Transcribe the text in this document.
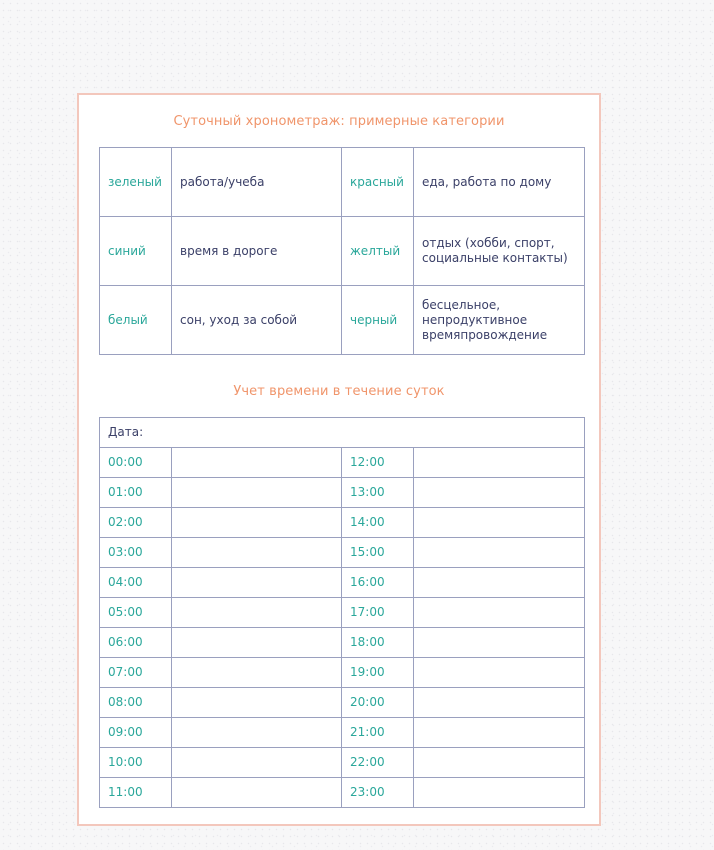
Суточный хронометраж: примерные категории
зеленый	работа/учеба	красный	еда, работа по дому
синий	время в дороге	желтый	отдых (хобби, спорт, социальные контакты)
белый	сон, уход за собой	черный	бесцельное, непродуктивное времяпровождение
Учет времени в течение суток
Дата:			
00:00		12:00	
01:00		13:00	
02:00		14:00	
03:00		15:00	
04:00		16:00	
05:00		17:00	
06:00		18:00	
07:00		19:00	
08:00		20:00	
09:00		21:00	
10:00		22:00	
11:00		23:00	
